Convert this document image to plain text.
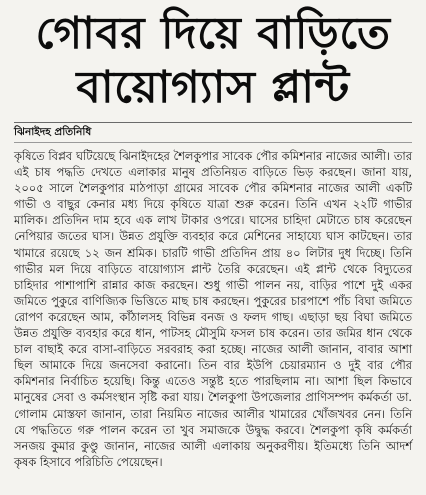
গোবর দিয়ে বাড়িতে
বায়োগ্যাস প্লান্ট
ঝিনাইদহ প্রতিনিধি

কৃষিতে বিপ্লব ঘটিয়েছে ঝিনাইদহের শৈলকুপার সাবেক পৌর কমিশনার নাজের আলী। তার এই চাষ পদ্ধতি দেখতে এলাকার মানুষ প্রতিনিয়ত বাড়িতে ভিড় করছেন। জানা যায়, ২০০৫ সালে শৈলকুপার মাঠপাড়া গ্রামের সাবেক পৌর কমিশনার নাজের আলী একটি গাভী ও বাছুর কেনার মধ্য দিয়ে কৃষিতে যাত্রা শুরু করেন। তিনি এখন ২২টি গাভীর মালিক। প্রতিদিন দাম হবে এক লাখ টাকার ওপরে। ঘাসের চাহিদা মেটাতে চাষ করেছেন নেপিয়ার জতের ঘাস। উন্নত প্রযুক্তি ব্যবহার করে মেশিনের সাহায্যে ঘাস কাটছেন। তার খামারে রয়েছে ১২ জন শ্রমিক। চারটি গাভী প্রতিদিন প্রায় ৪০ লিটার দুধ দিচ্ছে। তিনি গাভীর মল দিয়ে বাড়িতে বায়োগ্যাস প্লান্ট তৈরি করেছেন। এই প্লান্ট থেকে বিদ্যুতের চাহিদার পাশাপাশি রান্নার কাজ করছেন। শুধু গাভী পালন নয়, বাড়ির পাশে দুই একর জমিতে পুকুরে বাণিজ্যিক ভিত্তিতে মাছ চাষ করছেন। পুকুরের চারপাশে পাঁচ বিঘা জমিতে রোপণ করেছেন আম, কাঁঠালসহ বিভিন্ন বনজ ও ফলদ গাছ। এছাড়া ছয় বিঘা জমিতে উন্নত প্রযুক্তি ব্যবহার করে ধান, পাটসহ মৌসুমি ফসল চাষ করেন। তার জমির ধান থেকে চাল বাছাই করে বাসা-বাড়িতে সরবরাহ করা হচ্ছে। নাজের আলী জানান, বাবার আশা ছিল আমাকে দিয়ে জনসেবা করানো। তিন বার ইউপি চেয়ারম্যান ও দুই বার পৌর কমিশনার নির্বাচিত হয়েছি। কিন্তু এতেও সন্তুষ্ট হতে পারছিলাম না। আশা ছিল কিভাবে মানুষের সেবা ও কর্মসংস্থান সৃষ্টি করা যায়। শৈলকুপা উপজেলার প্রাণিসম্পদ কর্মকর্তা ডা. গোলাম মোস্তফা জানান, তারা নিয়মিত নাজের আলীর খামারের খোঁজখবর নেন। তিনি যে পদ্ধতিতে গরু পালন করেন তা খুব সমাজকে উদ্বুদ্ধ করবে। শৈলকুপা কৃষি কর্মকর্তা সনজয় কুমার কুণ্ডু জানান, নাজের আলী এলাকায় অনুকরণীয়। ইতিমধ্যে তিনি আদর্শ কৃষক হিসাবে পরিচিতি পেয়েছেন।
